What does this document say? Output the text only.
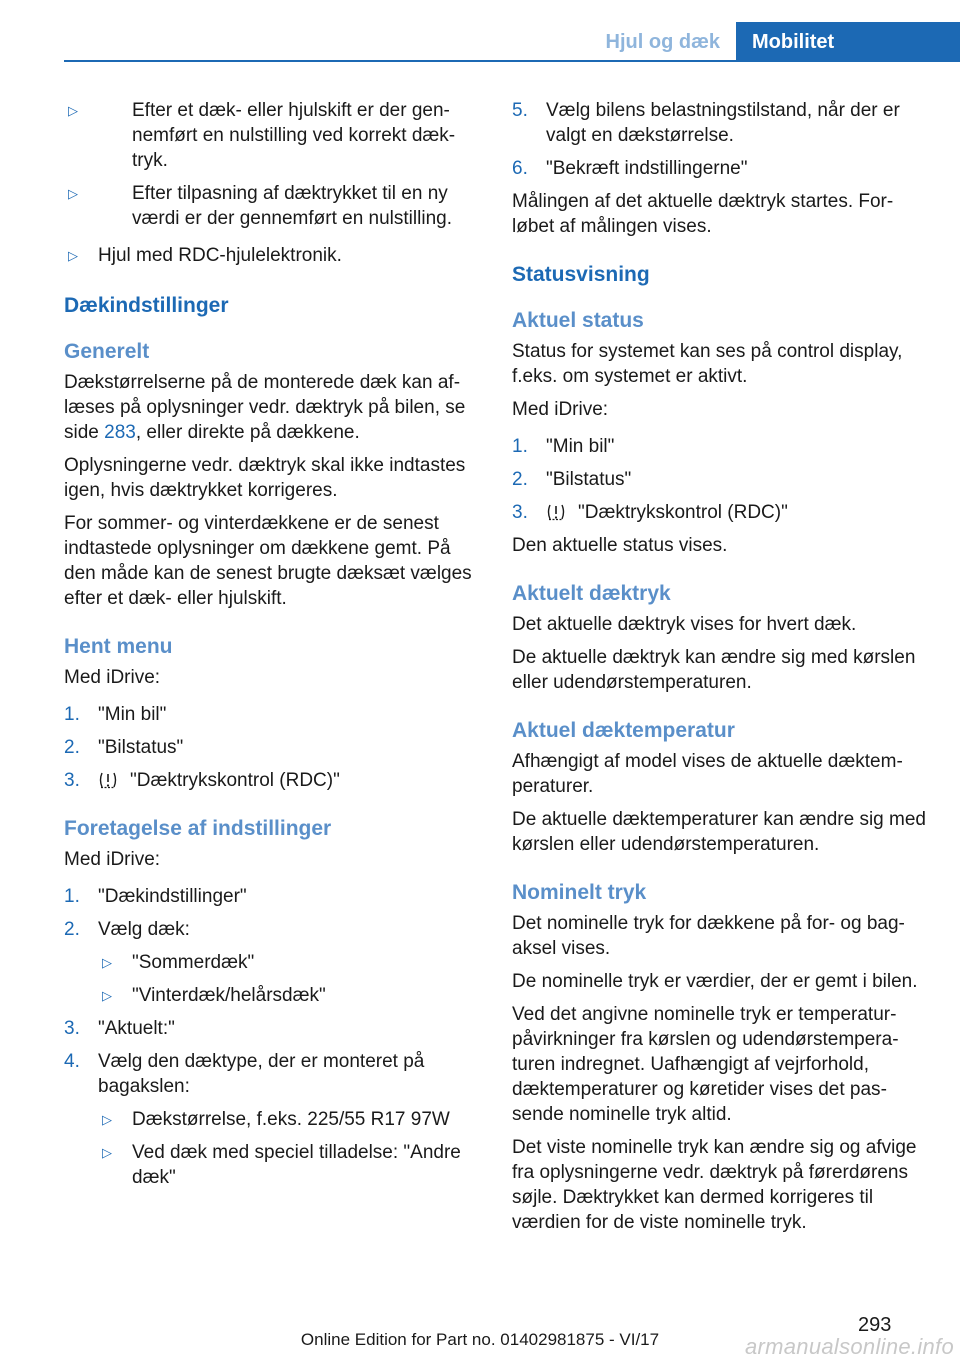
Hjul og dæk	Mobilitet
▷	Efter et dæk- eller hjulskift er der gennemført en nulstilling ved korrekt dæktryk.
▷	Efter tilpasning af dæktrykket til en ny værdi er der gennemført en nulstilling.
▷ Hjul med RDC-hjulelektronik.
Dækindstillinger
Generelt

Dækstørrelserne på de monterede dæk kan aflæses på oplysninger vedr. dæktryk på bilen, se side 283, eller direkte på dækkene.

Oplysningerne vedr. dæktryk skal ikke indtastes igen, hvis dæktrykket korrigeres.

For sommer- og vinterdækkene er de senest indtastede oplysninger om dækkene gemt. På den måde kan de senest brugte dæksæt vælges efter et dæk- eller hjulskift.

Hent menu

Med iDrive:

1. "Min bil"
2. "Bilstatus"
3.	"Dæktrykskontrol (RDC)"
Foretagelse af indstillinger

Med iDrive:

1. "Dækindstillinger"
2. Vælg dæk:
▷ "Sommerdæk"
▷ "Vinterdæk/helårsdæk"
3. "Aktuelt:"
4. Vælg den dæktype, der er monteret på bagakslen:
▷ Dækstørrelse, f.eks. 225/55 R17 97W
▷ Ved dæk med speciel tilladelse: "Andre dæk"
5. Vælg bilens belastningstilstand, når der er valgt en dækstørrelse.
6. "Bekræft indstillingerne"

Målingen af det aktuelle dæktryk startes. Forløbet af målingen vises.

Statusvisning
Aktuel status

Status for systemet kan ses på control display, f.eks. om systemet er aktivt.

Med iDrive:

1. "Min bil"
2. "Bilstatus"
3.	"Dæktrykskontrol (RDC)"

Den aktuelle status vises.

Aktuelt dæktryk

Det aktuelle dæktryk vises for hvert dæk.

De aktuelle dæktryk kan ændre sig med kørslen eller udendørstemperaturen.

Aktuel dæktemperatur

Afhængigt af model vises de aktuelle dæktemperaturer.

De aktuelle dæktemperaturer kan ændre sig med kørslen eller udendørstemperaturen.

Nominelt tryk

Det nominelle tryk for dækkene på for- og bagaksel vises.

De nominelle tryk er værdier, der er gemt i bilen.

Ved det angivne nominelle tryk er temperaturpåvirkninger fra kørslen og udendørstemperaturen indregnet. Uafhængigt af vejrforhold, dæktemperaturer og køretider vises det passende nominelle tryk altid.

Det viste nominelle tryk kan ændre sig og afvige fra oplysningerne vedr. dæktryk på førerdørens søjle. Dæktrykket kan dermed korrigeres til værdien for de viste nominelle tryk.

293
Online Edition for Part no. 01402981875 - VI/17	armanualsonline.info
